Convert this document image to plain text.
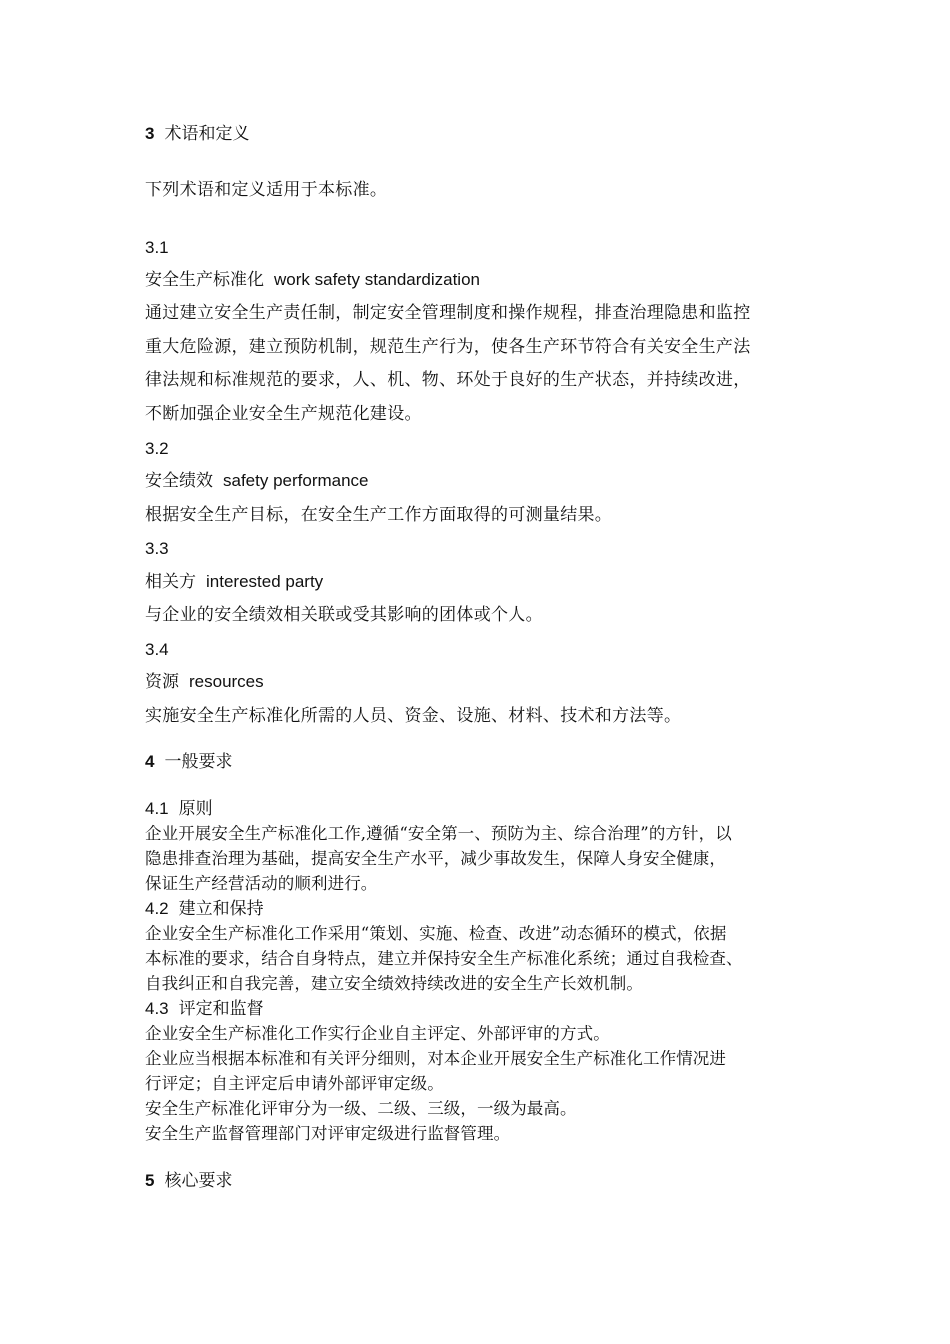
3 术语和定义
下列术语和定义适用于本标准。
3.1
安全生产标准化 work safety standardization
通过建立安全生产责任制，制定安全管理制度和操作规程，排查治理隐患和监控
重大危险源，建立预防机制，规范生产行为，使各生产环节符合有关安全生产法
律法规和标准规范的要求，人、机、物、环处于良好的生产状态，并持续改进，
不断加强企业安全生产规范化建设。
3.2
安全绩效 safety performance
根据安全生产目标，在安全生产工作方面取得的可测量结果。
3.3
相关方 interested party
与企业的安全绩效相关联或受其影响的团体或个人。
3.4
资源 resources
实施安全生产标准化所需的人员、资金、设施、材料、技术和方法等。
4 一般要求
4.1 原则
企业开展安全生产标准化工作,遵循“安全第一、预防为主、综合治理”的方针，以
隐患排查治理为基础，提高安全生产水平，减少事故发生，保障人身安全健康，
保证生产经营活动的顺利进行。
4.2 建立和保持
企业安全生产标准化工作采用“策划、实施、检查、改进”动态循环的模式，依据
本标准的要求，结合自身特点，建立并保持安全生产标准化系统；通过自我检查、
自我纠正和自我完善，建立安全绩效持续改进的安全生产长效机制。
4.3 评定和监督
企业安全生产标准化工作实行企业自主评定、外部评审的方式。
企业应当根据本标准和有关评分细则，对本企业开展安全生产标准化工作情况进
行评定；自主评定后申请外部评审定级。
安全生产标准化评审分为一级、二级、三级，一级为最高。
安全生产监督管理部门对评审定级进行监督管理。
5 核心要求
